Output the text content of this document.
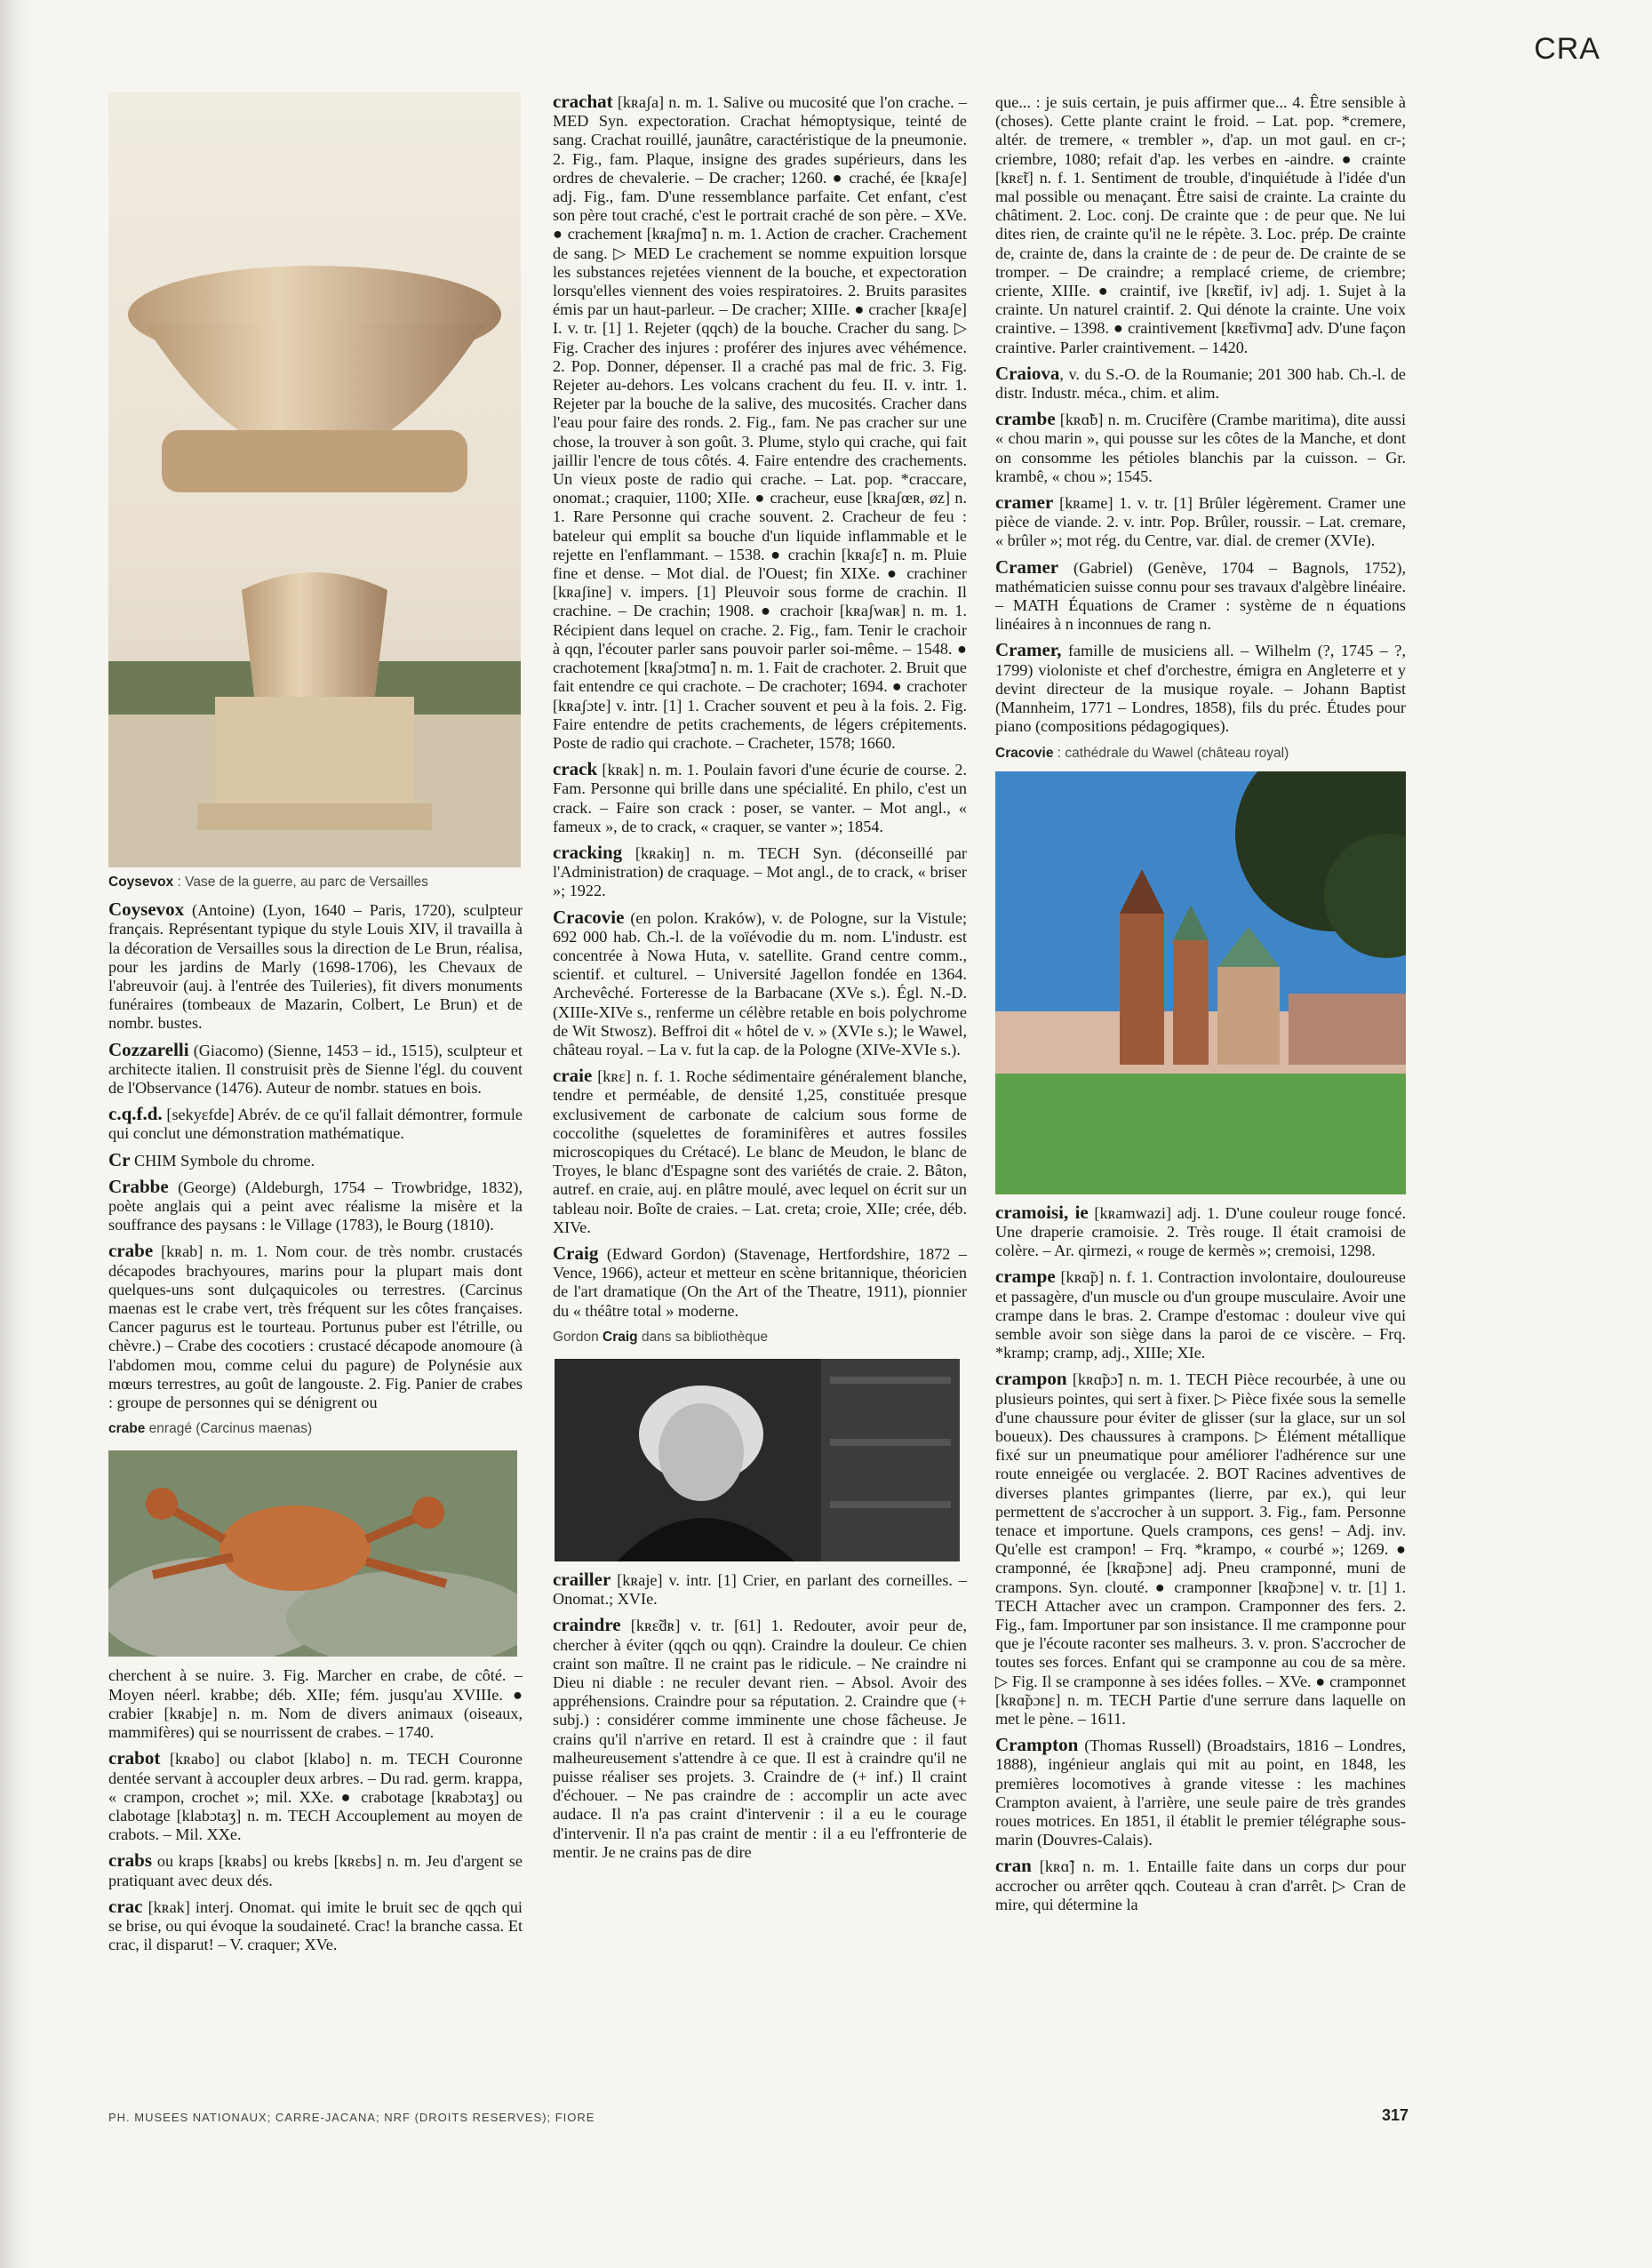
CRA
Coysevox : Vase de la guerre, au parc de Versailles
Coysevox (Antoine) (Lyon, 1640 – Paris, 1720), sculpteur français. Représentant typique du style Louis XIV, il travailla à la décoration de Versailles sous la direction de Le Brun, réalisa, pour les jardins de Marly (1698-1706), les Chevaux de l'abreuvoir (auj. à l'entrée des Tuileries), fit divers monuments funéraires (tombeaux de Mazarin, Colbert, Le Brun) et de nombr. bustes.
Cozzarelli (Giacomo) (Sienne, 1453 – id., 1515), sculpteur et architecte italien. Il construisit près de Sienne l'égl. du couvent de l'Observance (1476). Auteur de nombr. statues en bois.
c.q.f.d. [sekyɛfde] Abrév. de ce qu'il fallait démontrer, formule qui conclut une démonstration mathématique.
Cr CHIM Symbole du chrome.
Crabbe (George) (Aldeburgh, 1754 – Trowbridge, 1832), poète anglais qui a peint avec réalisme la misère et la souffrance des paysans : le Village (1783), le Bourg (1810).
crabe [kʀab] n. m. 1. Nom cour. de très nombr. crustacés décapodes brachyoures, marins pour la plupart mais dont quelques-uns sont dulçaquicoles ou terrestres. (Carcinus maenas est le crabe vert, très fréquent sur les côtes françaises. Cancer pagurus est le tourteau. Portunus puber est l'étrille, ou chèvre.) – Crabe des cocotiers : crustacé décapode anomoure (à l'abdomen mou, comme celui du pagure) de Polynésie aux mœurs terrestres, au goût de langouste. 2. Fig. Panier de crabes : groupe de personnes qui se dénigrent ou
crabe enragé (Carcinus maenas)
cherchent à se nuire. 3. Fig. Marcher en crabe, de côté. – Moyen néerl. krabbe; déb. XIIe; fém. jusqu'au XVIIIe. ● crabier [kʀabje] n. m. Nom de divers animaux (oiseaux, mammifères) qui se nourrissent de crabes. – 1740.
crabot [kʀabo] ou clabot [klabo] n. m. TECH Couronne dentée servant à accoupler deux arbres. – Du rad. germ. krappa, « crampon, crochet »; mil. XXe. ● crabotage [kʀabɔtaʒ] ou clabotage [klabɔtaʒ] n. m. TECH Accouplement au moyen de crabots. – Mil. XXe.
crabs ou kraps [kʀabs] ou krebs [kʀɛbs] n. m. Jeu d'argent se pratiquant avec deux dés.
crac [kʀak] interj. Onomat. qui imite le bruit sec de qqch qui se brise, ou qui évoque la soudaineté. Crac! la branche cassa. Et crac, il disparut! – V. craquer; XVe.
crachat [kʀaʃa] n. m. 1. Salive ou mucosité que l'on crache. – MED Syn. expectoration. Crachat hémoptysique, teinté de sang. Crachat rouillé, jaunâtre, caractéristique de la pneumonie. 2. Fig., fam. Plaque, insigne des grades supérieurs, dans les ordres de chevalerie. – De cracher; 1260. ● craché, ée [kʀaʃe] adj. Fig., fam. D'une ressemblance parfaite. Cet enfant, c'est son père tout craché, c'est le portrait craché de son père. – XVe. ● crachement [kʀaʃmɑ̃] n. m. 1. Action de cracher. Crachement de sang. ▷ MED Le crachement se nomme expuition lorsque les substances rejetées viennent de la bouche, et expectoration lorsqu'elles viennent des voies respiratoires. 2. Bruits parasites émis par un haut-parleur. – De cracher; XIIIe. ● cracher [kʀaʃe] I. v. tr. [1] 1. Rejeter (qqch) de la bouche. Cracher du sang. ▷ Fig. Cracher des injures : proférer des injures avec véhémence. 2. Pop. Donner, dépenser. Il a craché pas mal de fric. 3. Fig. Rejeter au-dehors. Les volcans crachent du feu. II. v. intr. 1. Rejeter par la bouche de la salive, des mucosités. Cracher dans l'eau pour faire des ronds. 2. Fig., fam. Ne pas cracher sur une chose, la trouver à son goût. 3. Plume, stylo qui crache, qui fait jaillir l'encre de tous côtés. 4. Faire entendre des crachements. Un vieux poste de radio qui crache. – Lat. pop. *craccare, onomat.; craquier, 1100; XIIe. ● cracheur, euse [kʀaʃœʀ, øz] n. 1. Rare Personne qui crache souvent. 2. Cracheur de feu : bateleur qui emplit sa bouche d'un liquide inflammable et le rejette en l'enflammant. – 1538. ● crachin [kʀaʃɛ̃] n. m. Pluie fine et dense. – Mot dial. de l'Ouest; fin XIXe. ● crachiner [kʀaʃine] v. impers. [1] Pleuvoir sous forme de crachin. Il crachine. – De crachin; 1908. ● crachoir [kʀaʃwaʀ] n. m. 1. Récipient dans lequel on crache. 2. Fig., fam. Tenir le crachoir à qqn, l'écouter parler sans pouvoir parler soi-même. – 1548. ● crachotement [kʀaʃɔtmɑ̃] n. m. 1. Fait de crachoter. 2. Bruit que fait entendre ce qui crachote. – De crachoter; 1694. ● crachoter [kʀaʃɔte] v. intr. [1] 1. Cracher souvent et peu à la fois. 2. Fig. Faire entendre de petits crachements, de légers crépitements. Poste de radio qui crachote. – Cracheter, 1578; 1660.
crack [kʀak] n. m. 1. Poulain favori d'une écurie de course. 2. Fam. Personne qui brille dans une spécialité. En philo, c'est un crack. – Faire son crack : poser, se vanter. – Mot angl., « fameux », de to crack, « craquer, se vanter »; 1854.
cracking [kʀakiŋ] n. m. TECH Syn. (déconseillé par l'Administration) de craquage. – Mot angl., de to crack, « briser »; 1922.
Cracovie (en polon. Kraków), v. de Pologne, sur la Vistule; 692 000 hab. Ch.-l. de la voïévodie du m. nom. L'industr. est concentrée à Nowa Huta, v. satellite. Grand centre comm., scientif. et culturel. – Université Jagellon fondée en 1364. Archevêché. Forteresse de la Barbacane (XVe s.). Égl. N.-D. (XIIIe-XIVe s., renferme un célèbre retable en bois polychrome de Wit Stwosz). Beffroi dit « hôtel de v. » (XVIe s.); le Wawel, château royal. – La v. fut la cap. de la Pologne (XIVe-XVIe s.).
craie [kʀɛ] n. f. 1. Roche sédimentaire généralement blanche, tendre et perméable, de densité 1,25, constituée presque exclusivement de carbonate de calcium sous forme de coccolithe (squelettes de foraminifères et autres fossiles microscopiques du Crétacé). Le blanc de Meudon, le blanc de Troyes, le blanc d'Espagne sont des variétés de craie. 2. Bâton, autref. en craie, auj. en plâtre moulé, avec lequel on écrit sur un tableau noir. Boîte de craies. – Lat. creta; croie, XIIe; crée, déb. XIVe.
Craig (Edward Gordon) (Stavenage, Hertfordshire, 1872 – Vence, 1966), acteur et metteur en scène britannique, théoricien de l'art dramatique (On the Art of the Theatre, 1911), pionnier du « théâtre total » moderne.
Gordon Craig dans sa bibliothèque
crailler [kʀaje] v. intr. [1] Crier, en parlant des corneilles. – Onomat.; XVIe.
craindre [kʀɛ̃dʀ] v. tr. [61] 1. Redouter, avoir peur de, chercher à éviter (qqch ou qqn). Craindre la douleur. Ce chien craint son maître. Il ne craint pas le ridicule. – Ne craindre ni Dieu ni diable : ne reculer devant rien. – Absol. Avoir des appréhensions. Craindre pour sa réputation. 2. Craindre que (+ subj.) : considérer comme imminente une chose fâcheuse. Je crains qu'il n'arrive en retard. Il est à craindre que : il faut malheureusement s'attendre à ce que. Il est à craindre qu'il ne puisse réaliser ses projets. 3. Craindre de (+ inf.) Il craint d'échouer. – Ne pas craindre de : accomplir un acte avec audace. Il n'a pas craint d'intervenir : il a eu le courage d'intervenir. Il n'a pas craint de mentir : il a eu l'effronterie de mentir. Je ne crains pas de dire
que... : je suis certain, je puis affirmer que... 4. Être sensible à (choses). Cette plante craint le froid. – Lat. pop. *cremere, altér. de tremere, « trembler », d'ap. un mot gaul. en cr-; criembre, 1080; refait d'ap. les verbes en -aindre. ● crainte [kʀɛ̃t] n. f. 1. Sentiment de trouble, d'inquiétude à l'idée d'un mal possible ou menaçant. Être saisi de crainte. La crainte du châtiment. 2. Loc. conj. De crainte que : de peur que. Ne lui dites rien, de crainte qu'il ne le répète. 3. Loc. prép. De crainte de, crainte de, dans la crainte de : de peur de. De crainte de se tromper. – De craindre; a remplacé crieme, de criembre; criente, XIIIe. ● craintif, ive [kʀɛ̃tif, iv] adj. 1. Sujet à la crainte. Un naturel craintif. 2. Qui dénote la crainte. Une voix craintive. – 1398. ● craintivement [kʀɛ̃tivmɑ̃] adv. D'une façon craintive. Parler craintivement. – 1420.
Craiova, v. du S.-O. de la Roumanie; 201 300 hab. Ch.-l. de distr. Industr. méca., chim. et alim.
crambe [kʀɑ̃b] n. m. Crucifère (Crambe maritima), dite aussi « chou marin », qui pousse sur les côtes de la Manche, et dont on consomme les pétioles blanchis par la cuisson. – Gr. krambê, « chou »; 1545.
cramer [kʀame] 1. v. tr. [1] Brûler légèrement. Cramer une pièce de viande. 2. v. intr. Pop. Brûler, roussir. – Lat. cremare, « brûler »; mot rég. du Centre, var. dial. de cremer (XVIe).
Cramer (Gabriel) (Genève, 1704 – Bagnols, 1752), mathématicien suisse connu pour ses travaux d'algèbre linéaire. – MATH Équations de Cramer : système de n équations linéaires à n inconnues de rang n.
Cramer, famille de musiciens all. – Wilhelm (?, 1745 – ?, 1799) violoniste et chef d'orchestre, émigra en Angleterre et y devint directeur de la musique royale. – Johann Baptist (Mannheim, 1771 – Londres, 1858), fils du préc. Études pour piano (compositions pédagogiques).
Cracovie : cathédrale du Wawel (château royal)
cramoisi, ie [kʀamwazi] adj. 1. D'une couleur rouge foncé. Une draperie cramoisie. 2. Très rouge. Il était cramoisi de colère. – Ar. qirmezi, « rouge de kermès »; cremoisi, 1298.
crampe [kʀɑ̃p] n. f. 1. Contraction involontaire, douloureuse et passagère, d'un muscle ou d'un groupe musculaire. Avoir une crampe dans le bras. 2. Crampe d'estomac : douleur vive qui semble avoir son siège dans la paroi de ce viscère. – Frq. *kramp; cramp, adj., XIIIe; XIe.
crampon [kʀɑ̃pɔ̃] n. m. 1. TECH Pièce recourbée, à une ou plusieurs pointes, qui sert à fixer. ▷ Pièce fixée sous la semelle d'une chaussure pour éviter de glisser (sur la glace, sur un sol boueux). Des chaussures à crampons. ▷ Élément métallique fixé sur un pneumatique pour améliorer l'adhérence sur une route enneigée ou verglacée. 2. BOT Racines adventives de diverses plantes grimpantes (lierre, par ex.), qui leur permettent de s'accrocher à un support. 3. Fig., fam. Personne tenace et importune. Quels crampons, ces gens! – Adj. inv. Qu'elle est crampon! – Frq. *krampo, « courbé »; 1269. ● cramponné, ée [kʀɑ̃pɔne] adj. Pneu cramponné, muni de crampons. Syn. clouté. ● cramponner [kʀɑ̃pɔne] v. tr. [1] 1. TECH Attacher avec un crampon. Cramponner des fers. 2. Fig., fam. Importuner par son insistance. Il me cramponne pour que je l'écoute raconter ses malheurs. 3. v. pron. S'accrocher de toutes ses forces. Enfant qui se cramponne au cou de sa mère. ▷ Fig. Il se cramponne à ses idées folles. – XVe. ● cramponnet [kʀɑ̃pɔnɛ] n. m. TECH Partie d'une serrure dans laquelle on met le pène. – 1611.
Crampton (Thomas Russell) (Broadstairs, 1816 – Londres, 1888), ingénieur anglais qui mit au point, en 1848, les premières locomotives à grande vitesse : les machines Crampton avaient, à l'arrière, une seule paire de très grandes roues motrices. En 1851, il établit le premier télégraphe sous-marin (Douvres-Calais).
cran [kʀɑ̃] n. m. 1. Entaille faite dans un corps dur pour accrocher ou arrêter qqch. Couteau à cran d'arrêt. ▷ Cran de mire, qui détermine la
PH. MUSEES NATIONAUX; CARRE-JACANA; NRF (DROITS RESERVES); FIORE	317
